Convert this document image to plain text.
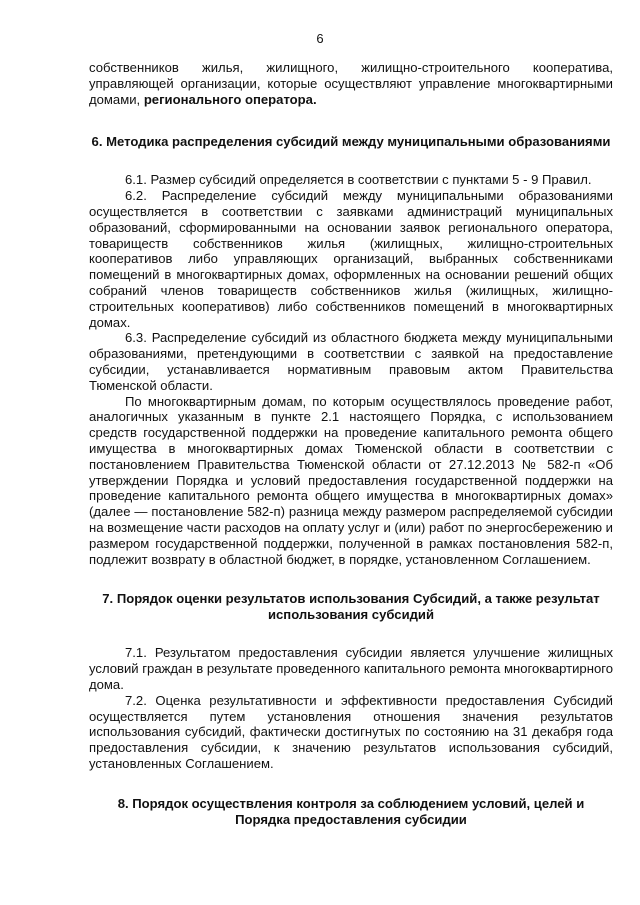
6

собственников жилья, жилищного, жилищно-строительного кооператива, управляющей организации, которые осуществляют управление многоквартирными домами, регионального оператора.

6. Методика распределения субсидий между муниципальными образованиями

6.1. Размер субсидий определяется в соответствии с пунктами 5 - 9 Правил.

6.2. Распределение субсидий между муниципальными образованиями осуществляется в соответствии с заявками администраций муниципальных образований, сформированными на основании заявок регионального оператора, товариществ собственников жилья (жилищных, жилищно-строительных кооперативов либо управляющих организаций, выбранных собственниками помещений в многоквартирных домах, оформленных на основании решений общих собраний членов товариществ собственников жилья (жилищных, жилищно-строительных кооперативов) либо собственников помещений в многоквартирных домах.

6.3. Распределение субсидий из областного бюджета между муниципальными образованиями, претендующими в соответствии с заявкой на предоставление субсидии, устанавливается нормативным правовым актом Правительства Тюменской области.

По многоквартирным домам, по которым осуществлялось проведение работ, аналогичных указанным в пункте 2.1 настоящего Порядка, с использованием средств государственной поддержки на проведение капитального ремонта общего имущества в многоквартирных домах Тюменской области в соответствии с постановлением Правительства Тюменской области от 27.12.2013 № 582-п «Об утверждении Порядка и условий предоставления государственной поддержки на проведение капитального ремонта общего имущества в многоквартирных домах» (далее — постановление 582-п) разница между размером распределяемой субсидии на возмещение части расходов на оплату услуг и (или) работ по энергосбережению и размером государственной поддержки, полученной в рамках постановления 582-п, подлежит возврату в областной бюджет, в порядке, установленном Соглашением.

7. Порядок оценки результатов использования Субсидий, а также результат использования субсидий

7.1. Результатом предоставления субсидии является улучшение жилищных условий граждан в результате проведенного капитального ремонта многоквартирного дома.

7.2. Оценка результативности и эффективности предоставления Субсидий осуществляется путем установления отношения значения результатов использования субсидий, фактически достигнутых по состоянию на 31 декабря года предоставления субсидии, к значению результатов использования субсидий, установленных Соглашением.

8. Порядок осуществления контроля за соблюдением условий, целей и Порядка предоставления субсидии
